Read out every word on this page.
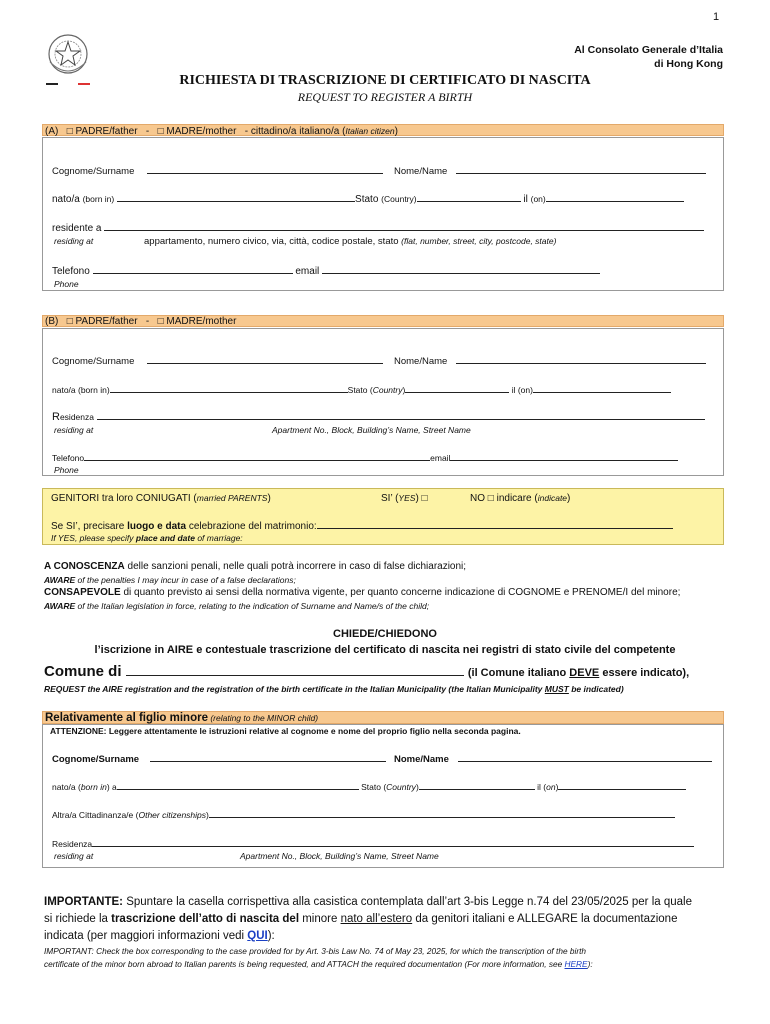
1
Al Consolato Generale d’Italia
di Hong Kong
RICHIESTA DI TRASCRIZIONE DI CERTIFICATO DI NASCITA
REQUEST TO REGISTER A BIRTH
(A) □ PADRE/father - □ MADRE/mother - cittadino/a italiano/a (Italian citizen)
Cognome/Surname	Nome/Name
nato/a (born in)	Stato (Country)	il (on)
residente a
residing at	appartamento, numero civico, via, città, codice postale, stato (flat, number, street, city, postcode, state)
Telefono	email
Phone
(B) □ PADRE/father - □ MADRE/mother
Cognome/Surname	Nome/Name
nato/a (born in)	Stato (Country)	il (on)
Residenza
residing at	Apartment No., Block, Building’s Name, Street Name
Telefono	email
Phone
GENITORI tra loro CONIUGATI (married PARENTS)	SI’ (YES) □	NO □ indicare (indicate)
Se SI’, precisare luogo e data celebrazione del matrimonio:
If YES, please specify place and date of marriage:
A CONOSCENZA delle sanzioni penali, nelle quali potrà incorrere in caso di false dichiarazioni;
AWARE of the penalties I may incur in case of a false declarations;
CONSAPEVOLE di quanto previsto ai sensi della normativa vigente, per quanto concerne indicazione di COGNOME e PRENOME/I del minore;
AWARE of the Italian legislation in force, relating to the indication of Surname and Name/s of the child;
CHIEDE/CHIEDONO
l’iscrizione in AIRE e contestuale trascrizione del certificato di nascita nei registri di stato civile del competente
Comune di	(il Comune italiano DEVE essere indicato),
REQUEST the AIRE registration and the registration of the birth certificate in the Italian Municipality (the Italian Municipality MUST be indicated)
Relativamente al figlio minore (relating to the MINOR child)
ATTENZIONE: Leggere attentamente le istruzioni relative al cognome e nome del proprio figlio nella seconda pagina.
Cognome/Surname	Nome/Name
nato/a (born in) a	Stato (Country)	il (on)
Altra/a Cittadinanza/e (Other citizenships)
Residenza
residing at	Apartment No., Block, Building’s Name, Street Name
IMPORTANTE: Spuntare la casella corrispettiva alla casistica contemplata dall’art 3-bis Legge n.74 del 23/05/2025 per la quale
si richiede la trascrizione dell’atto di nascita del minore nato all’estero da genitori italiani e ALLEGARE la documentazione
indicata (per maggiori informazioni vedi QUI):
IMPORTANT: Check the box corresponding to the case provided for by Art. 3-bis Law No. 74 of May 23, 2025, for which the transcription of the birth
certificate of the minor born abroad to Italian parents is being requested, and ATTACH the required documentation (For more information, see HERE):
